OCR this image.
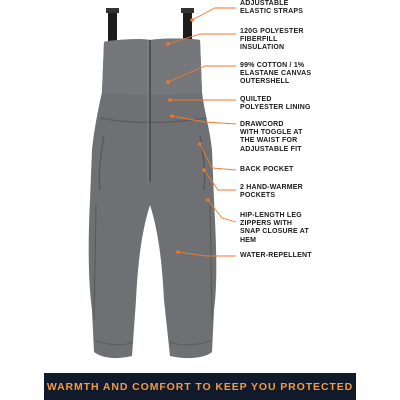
ADJUSTABLE
ELASTIC STRAPS
120G POLYESTER
FIBERFILL
INSULATION
99% COTTON / 1%
ELASTANE CANVAS
OUTERSHELL
QUILTED
POLYESTER LINING
DRAWCORD
WITH TOGGLE AT
THE WAIST FOR
ADJUSTABLE FIT
BACK POCKET
2 HAND-WARMER
POCKETS
HIP-LENGTH LEG
ZIPPERS WITH
SNAP CLOSURE AT
HEM
WATER-REPELLENT
WARMTH AND COMFORT TO KEEP YOU PROTECTED
